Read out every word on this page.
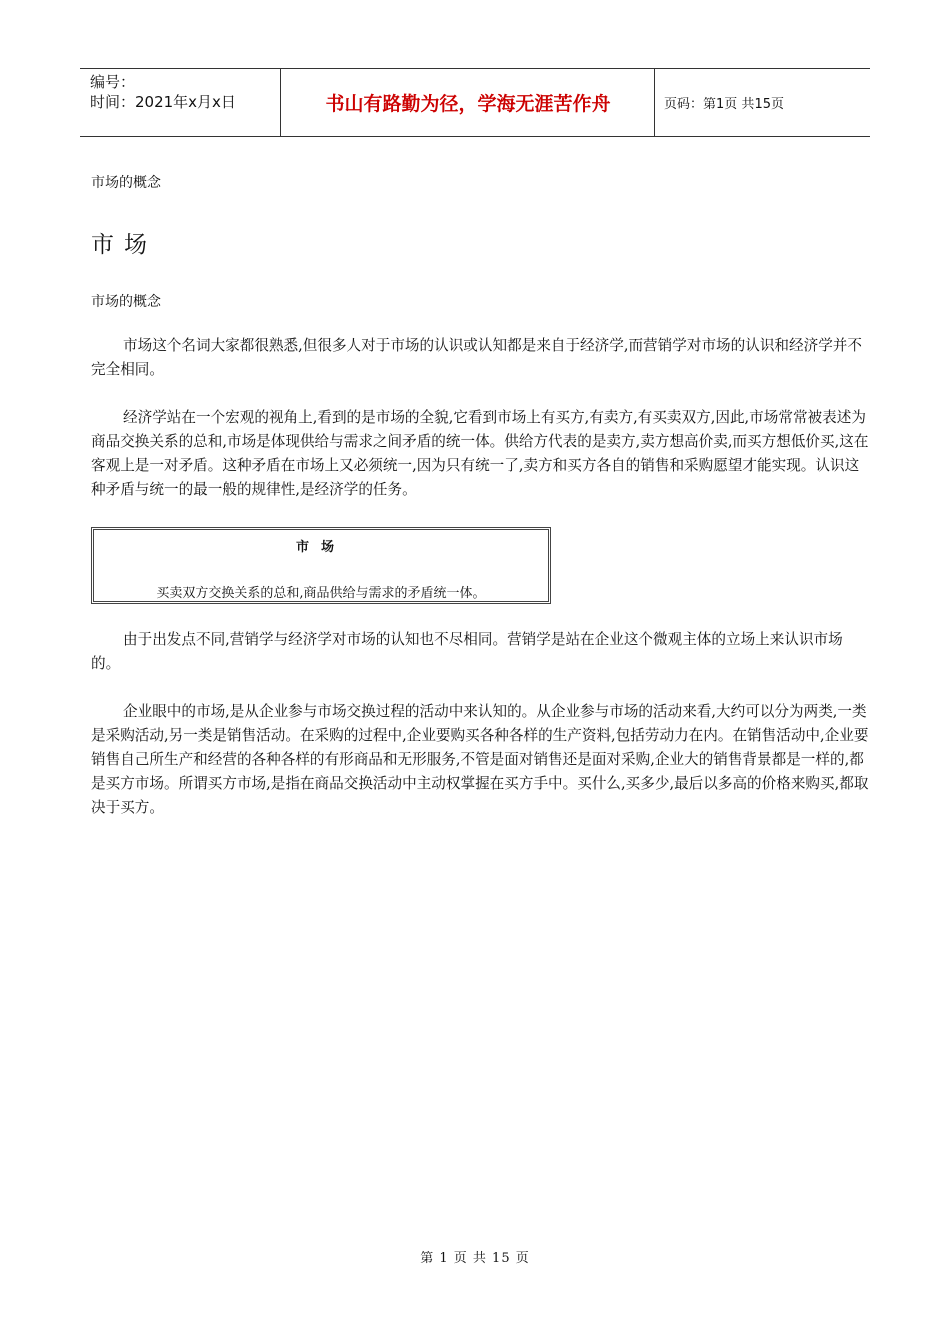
编号：
时间：2021年x月x日	书山有路勤为径，学海无涯苦作舟	页码：第1页 共15页
市场的概念
市场
市场的概念

市场这个名词大家都很熟悉,但很多人对于市场的认识或认知都是来自于经济学,而营销学对市场的认识和经济学并不完全相同。

经济学站在一个宏观的视角上,看到的是市场的全貌,它看到市场上有买方,有卖方,有买卖双方,因此,市场常常被表述为商品交换关系的总和,市场是体现供给与需求之间矛盾的统一体。供给方代表的是卖方,卖方想高价卖,而买方想低价买,这在客观上是一对矛盾。这种矛盾在市场上又必须统一,因为只有统一了,卖方和买方各自的销售和采购愿望才能实现。认识这种矛盾与统一的最一般的规律性,是经济学的任务。

市场
买卖双方交换关系的总和,商品供给与需求的矛盾统一体。

由于出发点不同,营销学与经济学对市场的认知也不尽相同。营销学是站在企业这个微观主体的立场上来认识市场的。

企业眼中的市场,是从企业参与市场交换过程的活动中来认知的。从企业参与市场的活动来看,大约可以分为两类,一类是采购活动,另一类是销售活动。在采购的过程中,企业要购买各种各样的生产资料,包括劳动力在内。在销售活动中,企业要销售自己所生产和经营的各种各样的有形商品和无形服务,不管是面对销售还是面对采购,企业大的销售背景都是一样的,都是买方市场。所谓买方市场,是指在商品交换活动中主动权掌握在买方手中。买什么,买多少,最后以多高的价格来购买,都取决于买方。

第 1 页 共 15 页
